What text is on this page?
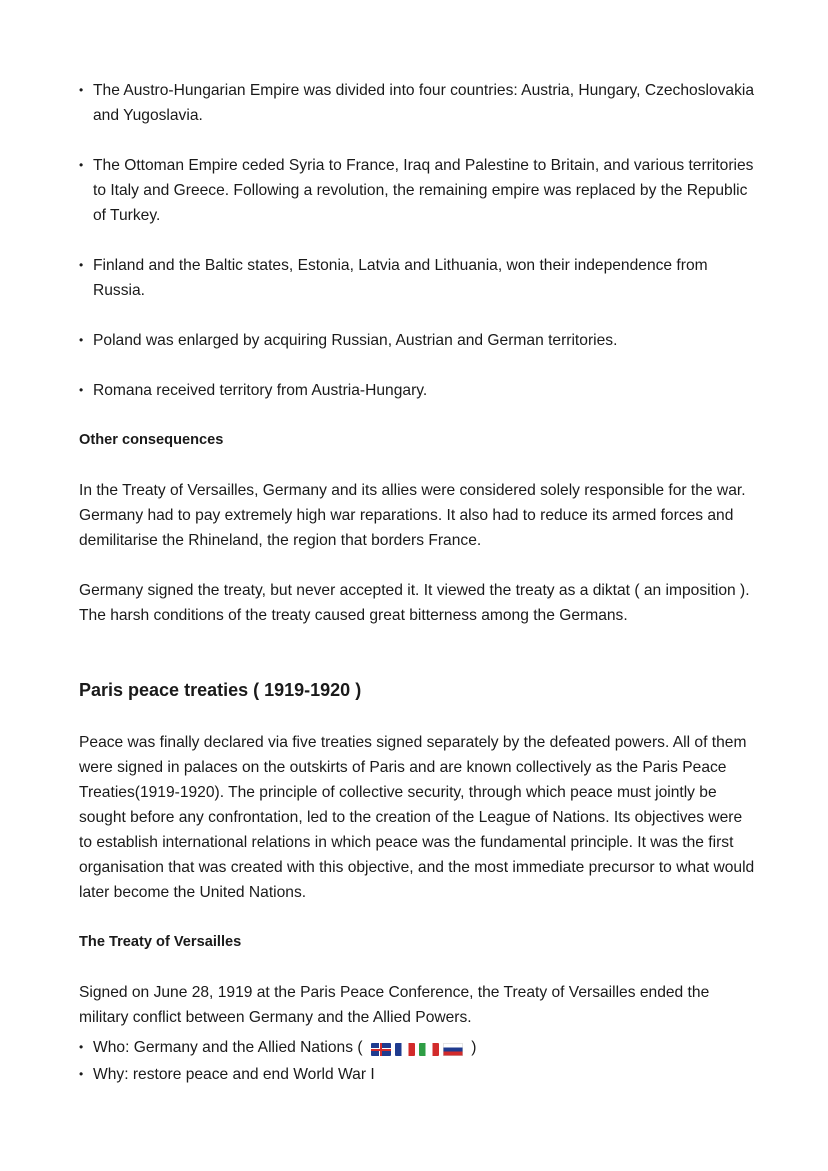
• The Austro-Hungarian Empire was divided into four countries: Austria, Hungary, Czechoslovakia and Yugoslavia.
• The Ottoman Empire ceded Syria to France, Iraq and Palestine to Britain, and various territories to Italy and Greece. Following a revolution, the remaining empire was replaced by the Republic of Turkey.
• Finland and the Baltic states, Estonia, Latvia and Lithuania, won their independence from Russia.
• Poland was enlarged by acquiring Russian, Austrian and German territories.
• Romana received territory from Austria-Hungary.
Other consequences

In the Treaty of Versailles, Germany and its allies were considered solely responsible for the war. Germany had to pay extremely high war reparations. It also had to reduce its armed forces and demilitarise the Rhineland, the region that borders France.

Germany signed the treaty, but never accepted it. It viewed the treaty as a diktat ( an imposition ). The harsh conditions of the treaty caused great bitterness among the Germans.

Paris peace treaties ( 1919-1920 )

Peace was finally declared via five treaties signed separately by the defeated powers. All of them were signed in palaces on the outskirts of Paris and are known collectively as the Paris Peace Treaties(1919-1920). The principle of collective security, through which peace must jointly be sought before any confrontation, led to the creation of the League of Nations. Its objectives were to establish international relations in which peace was the fundamental principle. It was the first organisation that was created with this objective, and the most immediate precursor to what would later become the United Nations.

The Treaty of Versailles

Signed on June 28, 1919 at the Paris Peace Conference, the Treaty of Versailles ended the military conflict between Germany and the Allied Powers.

• Who: Germany and the Allied Nations (	)
• Why: restore peace and end World War I
